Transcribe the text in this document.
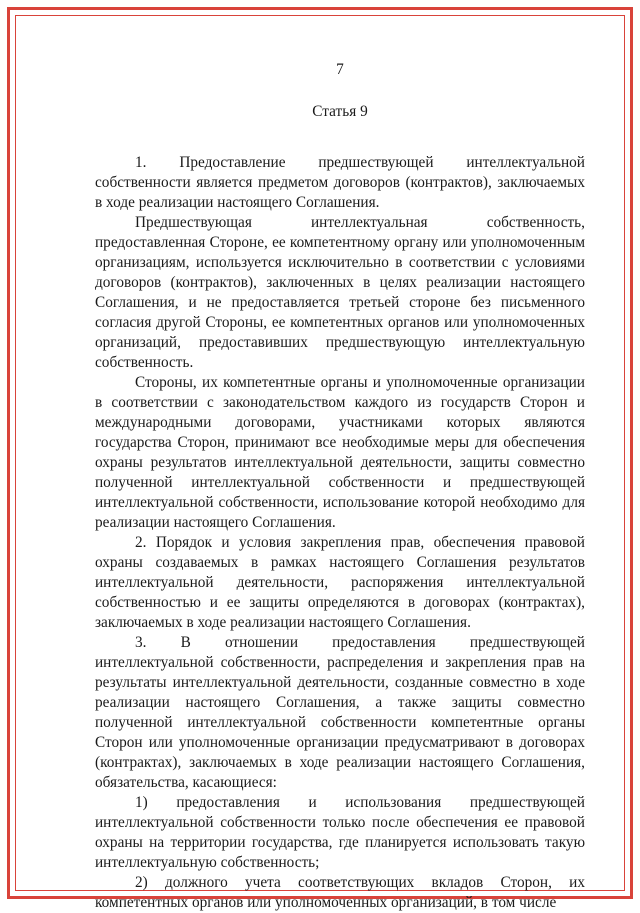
7

Статья 9

1. Предоставление предшествующей интеллектуальной собственности является предметом договоров (контрактов), заключаемых в ходе реализации настоящего Соглашения.

Предшествующая интеллектуальная собственность, предоставленная Стороне, ее компетентному органу или уполномоченным организациям, используется исключительно в соответствии с условиями договоров (контрактов), заключенных в целях реализации настоящего Соглашения, и не предоставляется третьей стороне без письменного согласия другой Стороны, ее компетентных органов или уполномоченных организаций, предоставивших предшествующую интеллектуальную собственность.

Стороны, их компетентные органы и уполномоченные организации в соответствии с законодательством каждого из государств Сторон и международными договорами, участниками которых являются государства Сторон, принимают все необходимые меры для обеспечения охраны результатов интеллектуальной деятельности, защиты совместно полученной интеллектуальной собственности и предшествующей интеллектуальной собственности, использование которой необходимо для реализации настоящего Соглашения.

2. Порядок и условия закрепления прав, обеспечения правовой охраны создаваемых в рамках настоящего Соглашения результатов интеллектуальной деятельности, распоряжения интеллектуальной собственностью и ее защиты определяются в договорах (контрактах), заключаемых в ходе реализации настоящего Соглашения.

3. В отношении предоставления предшествующей интеллектуальной собственности, распределения и закрепления прав на результаты интеллектуальной деятельности, созданные совместно в ходе реализации настоящего Соглашения, а также защиты совместно полученной интеллектуальной собственности компетентные органы Сторон или уполномоченные организации предусматривают в договорах (контрактах), заключаемых в ходе реализации настоящего Соглашения, обязательства, касающиеся:

1) предоставления и использования предшествующей интеллектуальной собственности только после обеспечения ее правовой охраны на территории государства, где планируется использовать такую интеллектуальную собственность;

2) должного учета соответствующих вкладов Сторон, их компетентных органов или уполномоченных организаций, в том числе
